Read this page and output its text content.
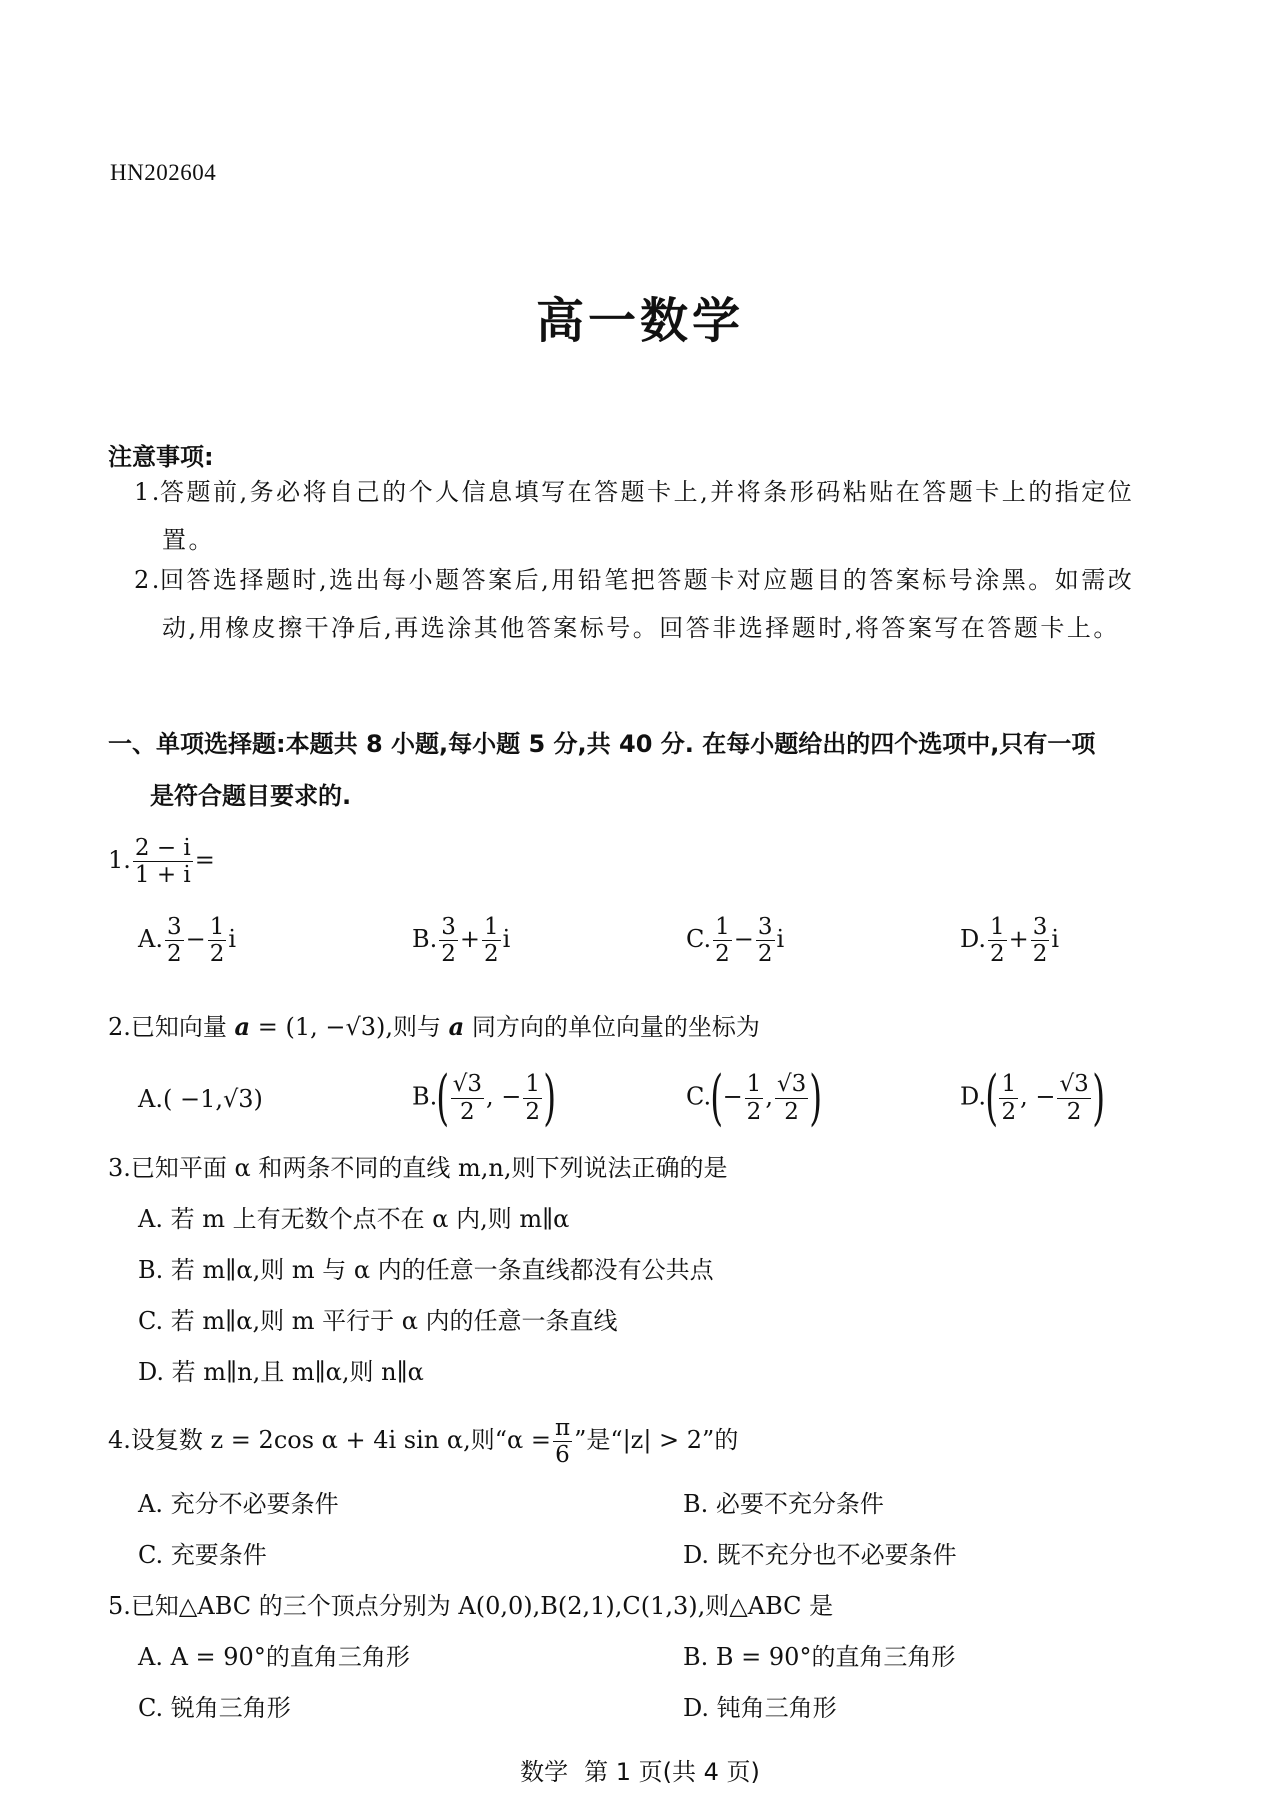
HN202604
高一数学
注意事项:
1.答题前,务必将自己的个人信息填写在答题卡上,并将条形码粘贴在答题卡上的指定位置。
2.回答选择题时,选出每小题答案后,用铅笔把答题卡对应题目的答案标号涂黑。如需改动,用橡皮擦干净后,再选涂其他答案标号。回答非选择题时,将答案写在答题卡上。
一、单项选择题:本题共 8 小题,每小题 5 分,共 40 分. 在每小题给出的四个选项中,只有一项
是符合题目要求的.
1. $\frac{2 - i}{1 + i}$ =
A. $\frac{3}{2} - \frac{1}{2}$ i	B. $\frac{3}{2} + \frac{1}{2}$ i	C. $\frac{1}{2} - \frac{3}{2}$ i	D. $\frac{1}{2} + \frac{3}{2}$ i
2.已知向量 a = (1, −√3),则与 a 同方向的单位向量的坐标为
A.( −1,√3)	$B.( \frac{√3}{2}$ , − $\frac{1}{2}$ )	$C.(- \frac{1}{2}$ , $\frac{√3}{2}$ )	$D.( \frac{1}{2}$ , − $\frac{√3}{2}$ )
3.已知平面 α 和两条不同的直线 m,n,则下列说法正确的是
A. 若 m 上有无数个点不在 α 内,则 m∥α
B. 若 m∥α,则 m 与 α 内的任意一条直线都没有公共点
C. 若 m∥α,则 m 平行于 α 内的任意一条直线
D. 若 m∥n,且 m∥α,则 n∥α
4.设复数 z = 2cos α + 4i sin α,则“$\alpha = \frac{\pi}{6}$ ”是“|z| > 2”的
A. 充分不必要条件	B. 必要不充分条件
C. 充要条件	D. 既不充分也不必要条件
5.已知△ABC 的三个顶点分别为 A(0,0),B(2,1),C(1,3),则△ABC 是
A. A = 90°的直角三角形	B. B = 90°的直角三角形
C. 锐角三角形	D. 钝角三角形
数学 第 1 页(共 4 页)
